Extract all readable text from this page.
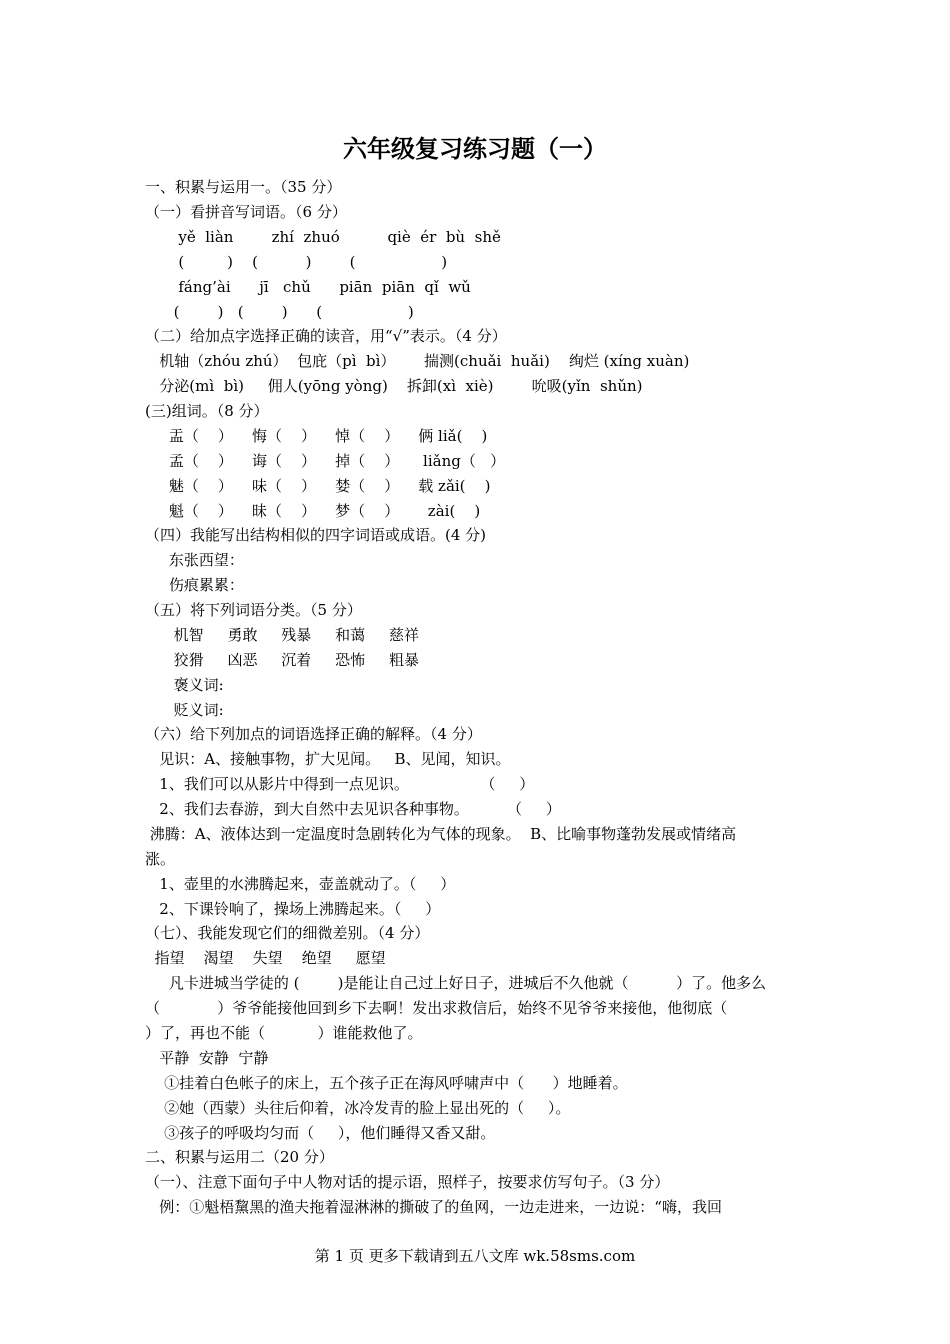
六年级复习练习题（一）
一、积累与运用一。（35 分）
（一）看拼音写词语。（6 分）
yě  liàn        zhí  zhuó          qiè  ér  bù  shě
(         )    (          )        (                  )
fáng’ài      jī   chǔ      piān  piān  qǐ  wǔ
(        )   (        )      (                  )
（二）给加点字选择正确的读音，用“√”表示。（4 分）
机轴（zhóu zhú）  包庇（pì  bì）      揣测(chuǎi  huǎi)    绚烂 (xíng xuàn)
分泌(mì  bì)     佣人(yōng yòng)    拆卸(xì  xiè)        吮吸(yǐn  shǔn)
(三)组词。（8 分）
盂（    ）    悔（    ）    悼（    ）    俩 liǎ(    )
孟（    ）    诲（    ）    掉（    ）     liǎng（   ）
魅（    ）    味（    ）    婪（    ）    载 zǎi(    )
魁（    ）    昧（    ）    梦（    ）      zài(    )
（四）我能写出结构相似的四字词语或成语。(4 分)
东张西望：
伤痕累累：
（五）将下列词语分类。（5 分）
机智     勇敢     残暴     和蔼     慈祥
狡猾     凶恶     沉着     恐怖     粗暴
褒义词:
贬义词:
（六）给下列加点的词语选择正确的解释。（4 分）
见识：A、接触事物，扩大见闻。   B、见闻，知识。
1、我们可以从影片中得到一点见识。               （     ）
2、我们去春游，到大自然中去见识各种事物。        （     ）
沸腾：A、液体达到一定温度时急剧转化为气体的现象。  B、比喻事物蓬勃发展或情绪高
涨。
1、壶里的水沸腾起来，壶盖就动了。（     ）
2、下课铃响了，操场上沸腾起来。（     ）
（七）、我能发现它们的细微差别。（4 分）
指望    渴望    失望    绝望     愿望
凡卡进城当学徒的 (        )是能让自己过上好日子，进城后不久他就（          ）了。他多么
（            ）爷爷能接他回到乡下去啊！发出求救信后，始终不见爷爷来接他，他彻底（
）了，再也不能（           ）谁能救他了。
平静  安静  宁静
①挂着白色帐子的床上，五个孩子正在海风呼啸声中（      ）地睡着。
②她（西蒙）头往后仰着，冰冷发青的脸上显出死的（     ）。
③孩子的呼吸均匀而（     ），他们睡得又香又甜。
二、积累与运用二（20 分）
（一）、注意下面句子中人物对话的提示语，照样子，按要求仿写句子。（3 分）
例：①魁梧黧黑的渔夫拖着湿淋淋的撕破了的鱼网，一边走进来，一边说：“嗨，我回
第 1 页 更多下载请到五八文库 wk.58sms.com
